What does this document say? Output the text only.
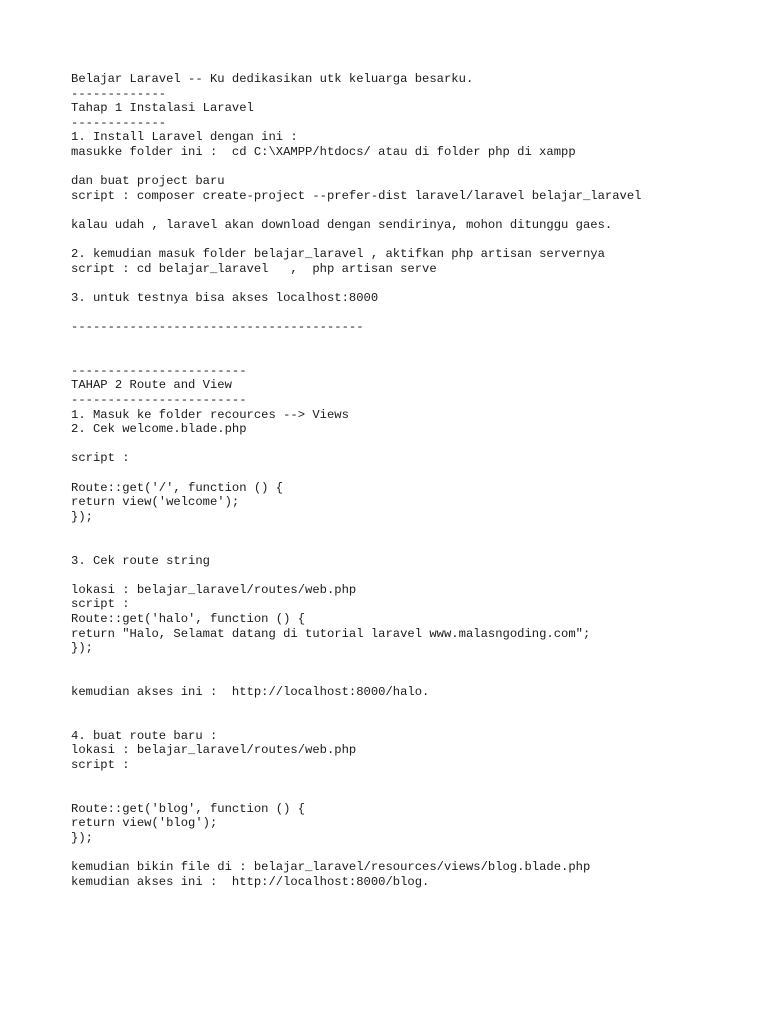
Belajar Laravel -- Ku dedikasikan utk keluarga besarku.
-------------
Tahap 1 Instalasi Laravel
-------------
1. Install Laravel dengan ini :
masukke folder ini :  cd C:\XAMPP/htdocs/ atau di folder php di xampp
dan buat project baru
script : composer create-project --prefer-dist laravel/laravel belajar_laravel
kalau udah , laravel akan download dengan sendirinya, mohon ditunggu gaes.
2. kemudian masuk folder belajar_laravel , aktifkan php artisan servernya
script : cd belajar_laravel   ,  php artisan serve
3. untuk testnya bisa akses localhost:8000
----------------------------------------
------------------------
TAHAP 2 Route and View
------------------------
1. Masuk ke folder recources --> Views
2. Cek welcome.blade.php
script :
Route::get('/', function () {
return view('welcome');
});
3. Cek route string
lokasi : belajar_laravel/routes/web.php
script :
Route::get('halo', function () {
return "Halo, Selamat datang di tutorial laravel www.malasngoding.com";
});
kemudian akses ini :  http://localhost:8000/halo.
4. buat route baru :
lokasi : belajar_laravel/routes/web.php
script :
Route::get('blog', function () {
return view('blog');
});
kemudian bikin file di : belajar_laravel/resources/views/blog.blade.php
kemudian akses ini :  http://localhost:8000/blog.
